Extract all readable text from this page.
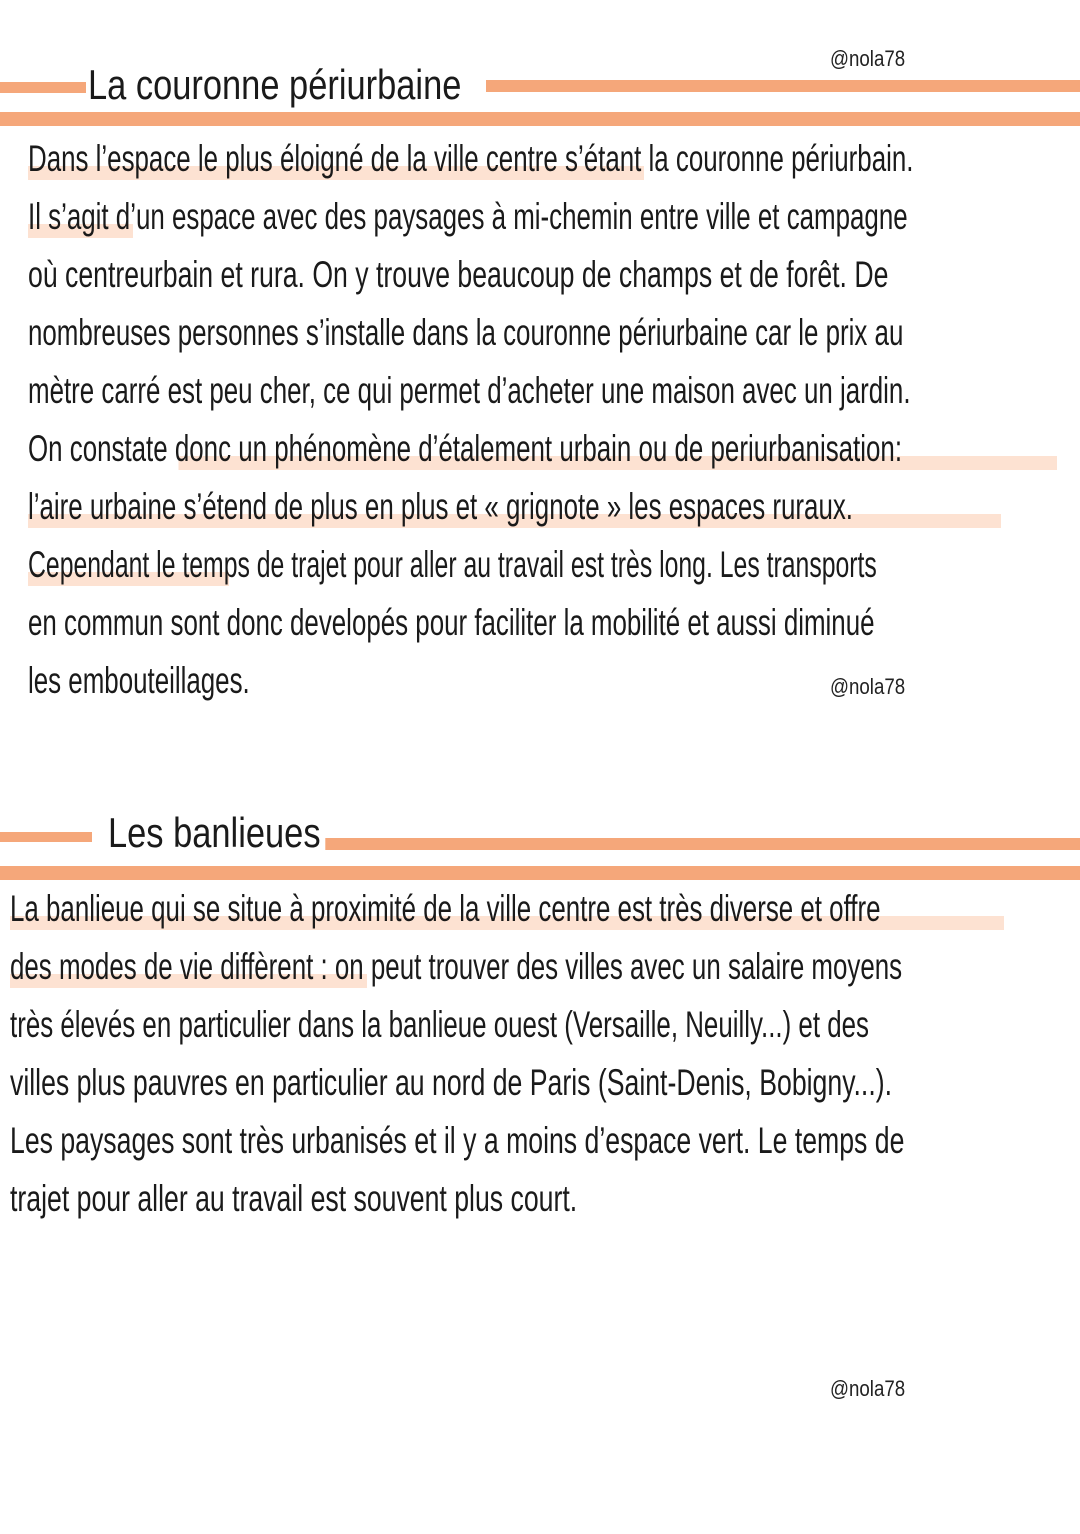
@nola78
@nola78
@nola78
La couronne périurbaine
Dans l’espace le plus éloigné de la ville centre s’étant la couronne périurbain.
Il s’agit d’un espace avec des paysages à mi-chemin entre ville et campagne
où centreurbain et rura. On y trouve beaucoup de champs et de forêt. De
nombreuses personnes s’installe dans la couronne périurbaine car le prix au
mètre carré est peu cher, ce qui permet d’acheter une maison avec un jardin.
On constate donc un phénomène d’étalement urbain ou de periurbanisation:
l’aire urbaine s’étend de plus en plus et « grignote » les espaces ruraux.
Cependant le temps de trajet pour aller au travail est très long. Les transports
en commun sont donc developés pour faciliter la mobilité et aussi diminué
les embouteillages.
Les banlieues
La banlieue qui se situe à proximité de la ville centre est très diverse et offre
des modes de vie diffèrent : on peut trouver des villes avec un salaire moyens
très élevés en particulier dans la banlieue ouest (Versaille, Neuilly...) et des
villes plus pauvres en particulier au nord de Paris (Saint-Denis, Bobigny...).
Les paysages sont très urbanisés et il y a moins d’espace vert. Le temps de
trajet pour aller au travail est souvent plus court.
